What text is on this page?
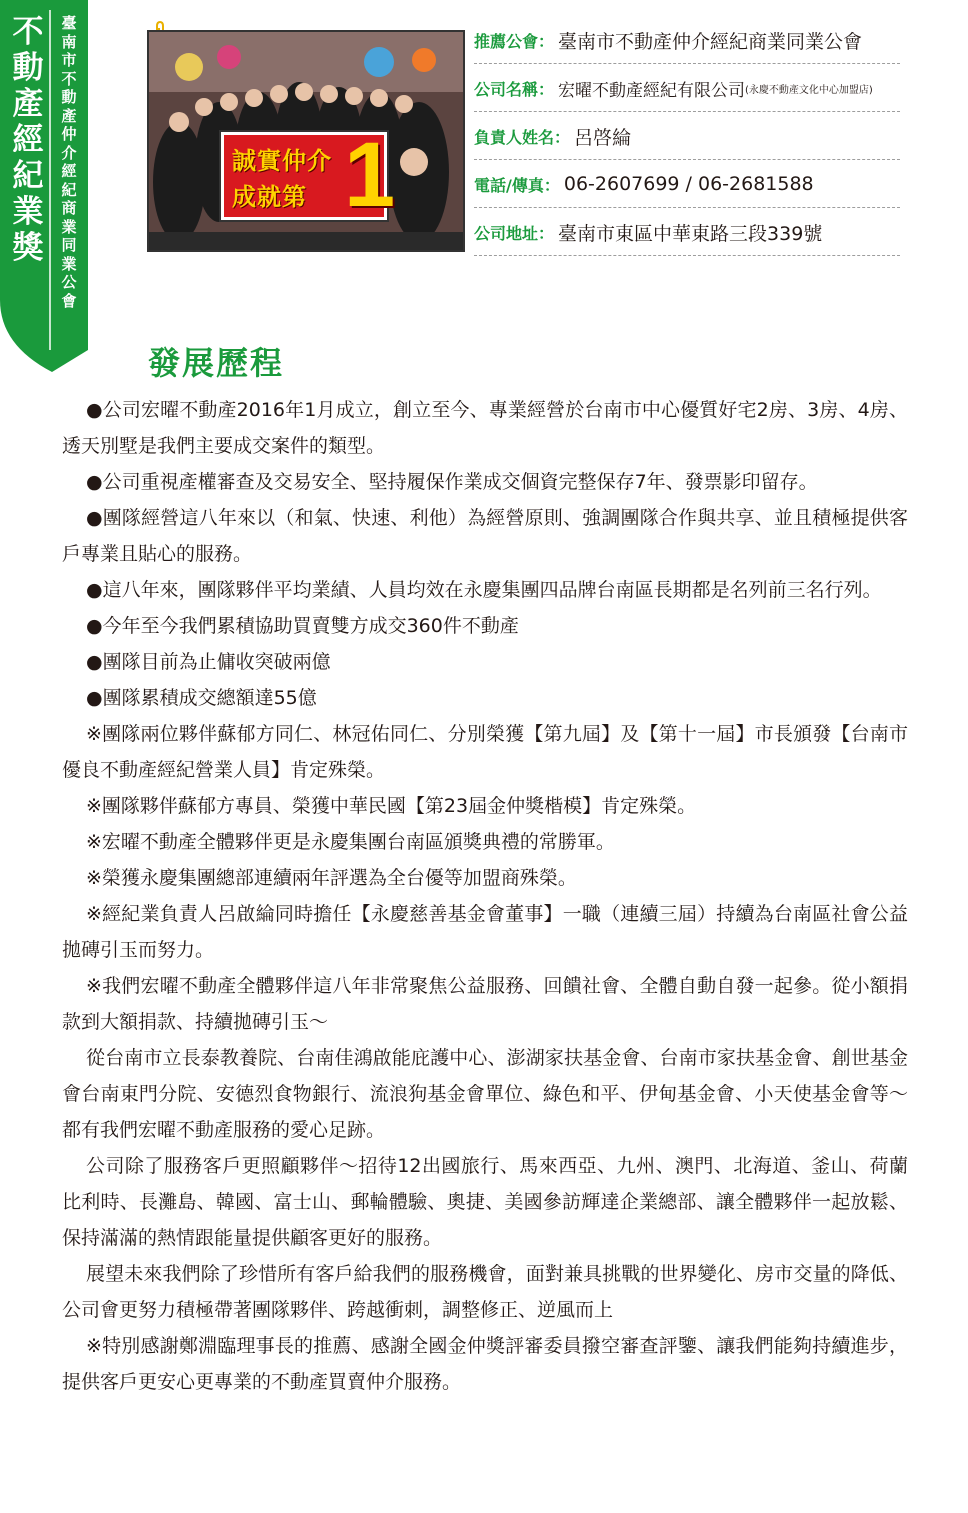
不動產經紀業獎
臺南市不動產仲介經紀商業同業公會
誠實仲介
成就第 1
推薦公會： 臺南市不動產仲介經紀商業同業公會
公司名稱： 宏曜不動產經紀有限公司 (永慶不動產文化中心加盟店)
負責人姓名： 呂啓綸
電話/傳真： 06-2607699 / 06-2681588
公司地址： 臺南市東區中華東路三段339號
發展歷程

●公司宏曜不動產2016年1月成立，創立至今、專業經營於台南市中心優質好宅2房、3房、4房、透天別墅是我們主要成交案件的類型。

●公司重視產權審查及交易安全、堅持履保作業成交個資完整保存7年、發票影印留存。

●團隊經營這八年來以（和氣、快速、利他）為經營原則、強調團隊合作與共享、並且積極提供客戶專業且貼心的服務。

●這八年來，團隊夥伴平均業績、人員均效在永慶集團四品牌台南區長期都是名列前三名行列。

●今年至今我們累積協助買賣雙方成交360件不動產

●團隊目前為止傭收突破兩億

●團隊累積成交總額達55億

※團隊兩位夥伴蘇郁方同仁、林冠佑同仁、分別榮獲【第九屆】及【第十一屆】市長頒發【台南市優良不動產經紀營業人員】肯定殊榮。

※團隊夥伴蘇郁方專員、榮獲中華民國【第23屆金仲獎楷模】肯定殊榮。

※宏曜不動產全體夥伴更是永慶集團台南區頒獎典禮的常勝軍。

※榮獲永慶集團總部連續兩年評選為全台優等加盟商殊榮。

※經紀業負責人呂啟綸同時擔任【永慶慈善基金會董事】一職（連續三屆）持續為台南區社會公益拋磚引玉而努力。

※我們宏曜不動產全體夥伴這八年非常聚焦公益服務、回饋社會、全體自動自發一起參。從小額捐款到大額捐款、持續拋磚引玉～

從台南市立長泰教養院、台南佳鴻啟能庇護中心、澎湖家扶基金會、台南市家扶基金會、創世基金會台南東門分院、安德烈食物銀行、流浪狗基金會單位、綠色和平、伊甸基金會、小天使基金會等～都有我們宏曜不動產服務的愛心足跡。

公司除了服務客戶更照顧夥伴～招待12出國旅行、馬來西亞、九州、澳門、北海道、釜山、荷蘭比利時、長灘島、韓國、富士山、郵輪體驗、奧捷、美國參訪輝達企業總部、讓全體夥伴一起放鬆、保持滿滿的熱情跟能量提供顧客更好的服務。

展望未來我們除了珍惜所有客戶給我們的服務機會，面對兼具挑戰的世界變化、房市交量的降低、公司會更努力積極帶著團隊夥伴、跨越衝刺，調整修正、逆風而上

※特別感謝鄭淵臨理事長的推薦、感謝全國金仲獎評審委員撥空審查評鑒、讓我們能夠持續進步，提供客戶更安心更專業的不動產買賣仲介服務。
